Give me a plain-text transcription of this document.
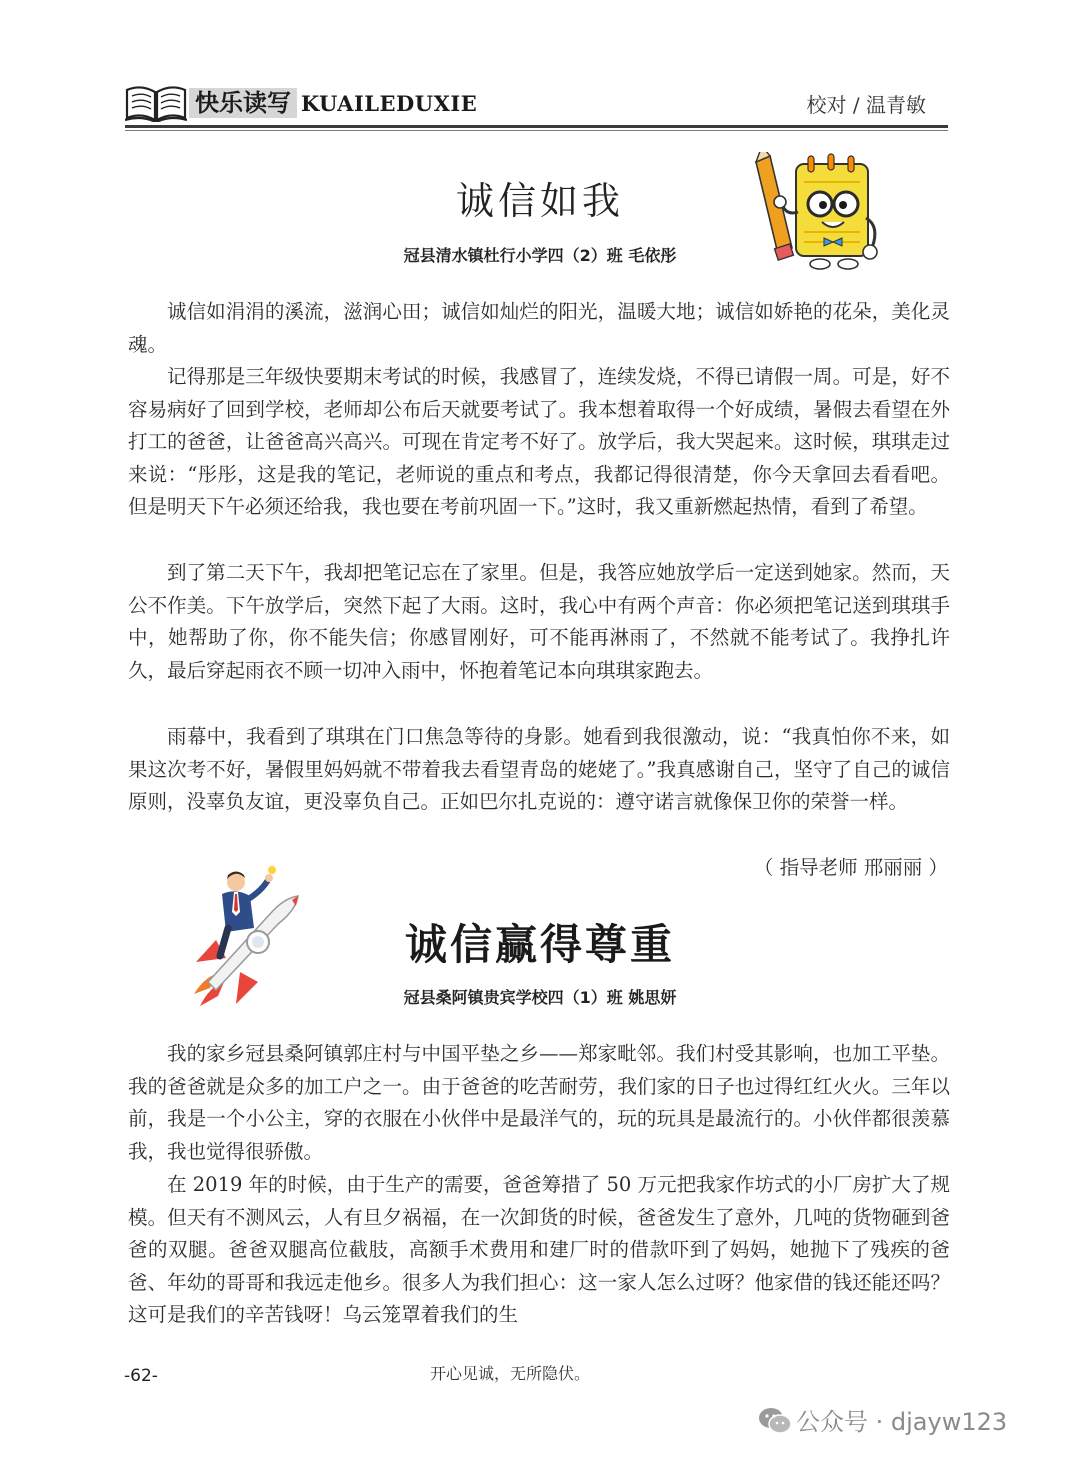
快乐读写 KUAILEDUXIE	校对 / 温青敏
诚信如我
冠县清水镇杜行小学四（2）班 毛依彤

诚信如涓涓的溪流，滋润心田；诚信如灿烂的阳光，温暖大地；诚信如娇艳的花朵，美化灵魂。

记得那是三年级快要期末考试的时候，我感冒了，连续发烧，不得已请假一周。可是，好不容易病好了回到学校，老师却公布后天就要考试了。我本想着取得一个好成绩，暑假去看望在外打工的爸爸，让爸爸高兴高兴。可现在肯定考不好了。放学后，我大哭起来。这时候，琪琪走过来说：“彤彤，这是我的笔记，老师说的重点和考点，我都记得很清楚，你今天拿回去看看吧。但是明天下午必须还给我，我也要在考前巩固一下。”这时，我又重新燃起热情，看到了希望。

到了第二天下午，我却把笔记忘在了家里。但是，我答应她放学后一定送到她家。然而，天公不作美。下午放学后，突然下起了大雨。这时，我心中有两个声音：你必须把笔记送到琪琪手中，她帮助了你，你不能失信；你感冒刚好，可不能再淋雨了，不然就不能考试了。我挣扎许久，最后穿起雨衣不顾一切冲入雨中，怀抱着笔记本向琪琪家跑去。

雨幕中，我看到了琪琪在门口焦急等待的身影。她看到我很激动，说：“我真怕你不来，如果这次考不好，暑假里妈妈就不带着我去看望青岛的姥姥了。”我真感谢自己，坚守了自己的诚信原则，没辜负友谊，更没辜负自己。正如巴尔扎克说的：遵守诺言就像保卫你的荣誉一样。

（ 指导老师 邢丽丽 ）
诚信赢得尊重
冠县桑阿镇贵宾学校四（1）班 姚思妍

我的家乡冠县桑阿镇郭庄村与中国平垫之乡——郑家毗邻。我们村受其影响，也加工平垫。我的爸爸就是众多的加工户之一。由于爸爸的吃苦耐劳，我们家的日子也过得红红火火。三年以前，我是一个小公主，穿的衣服在小伙伴中是最洋气的，玩的玩具是最流行的。小伙伴都很羡慕我，我也觉得很骄傲。

在 2019 年的时候，由于生产的需要，爸爸筹措了 50 万元把我家作坊式的小厂房扩大了规模。但天有不测风云，人有旦夕祸福，在一次卸货的时候，爸爸发生了意外，几吨的货物砸到爸爸的双腿。爸爸双腿高位截肢，高额手术费用和建厂时的借款吓到了妈妈，她抛下了残疾的爸爸、年幼的哥哥和我远走他乡。很多人为我们担心：这一家人怎么过呀？他家借的钱还能还吗？这可是我们的辛苦钱呀！乌云笼罩着我们的生

-62-	开心见诚，无所隐伏。
公众号 · djayw123
